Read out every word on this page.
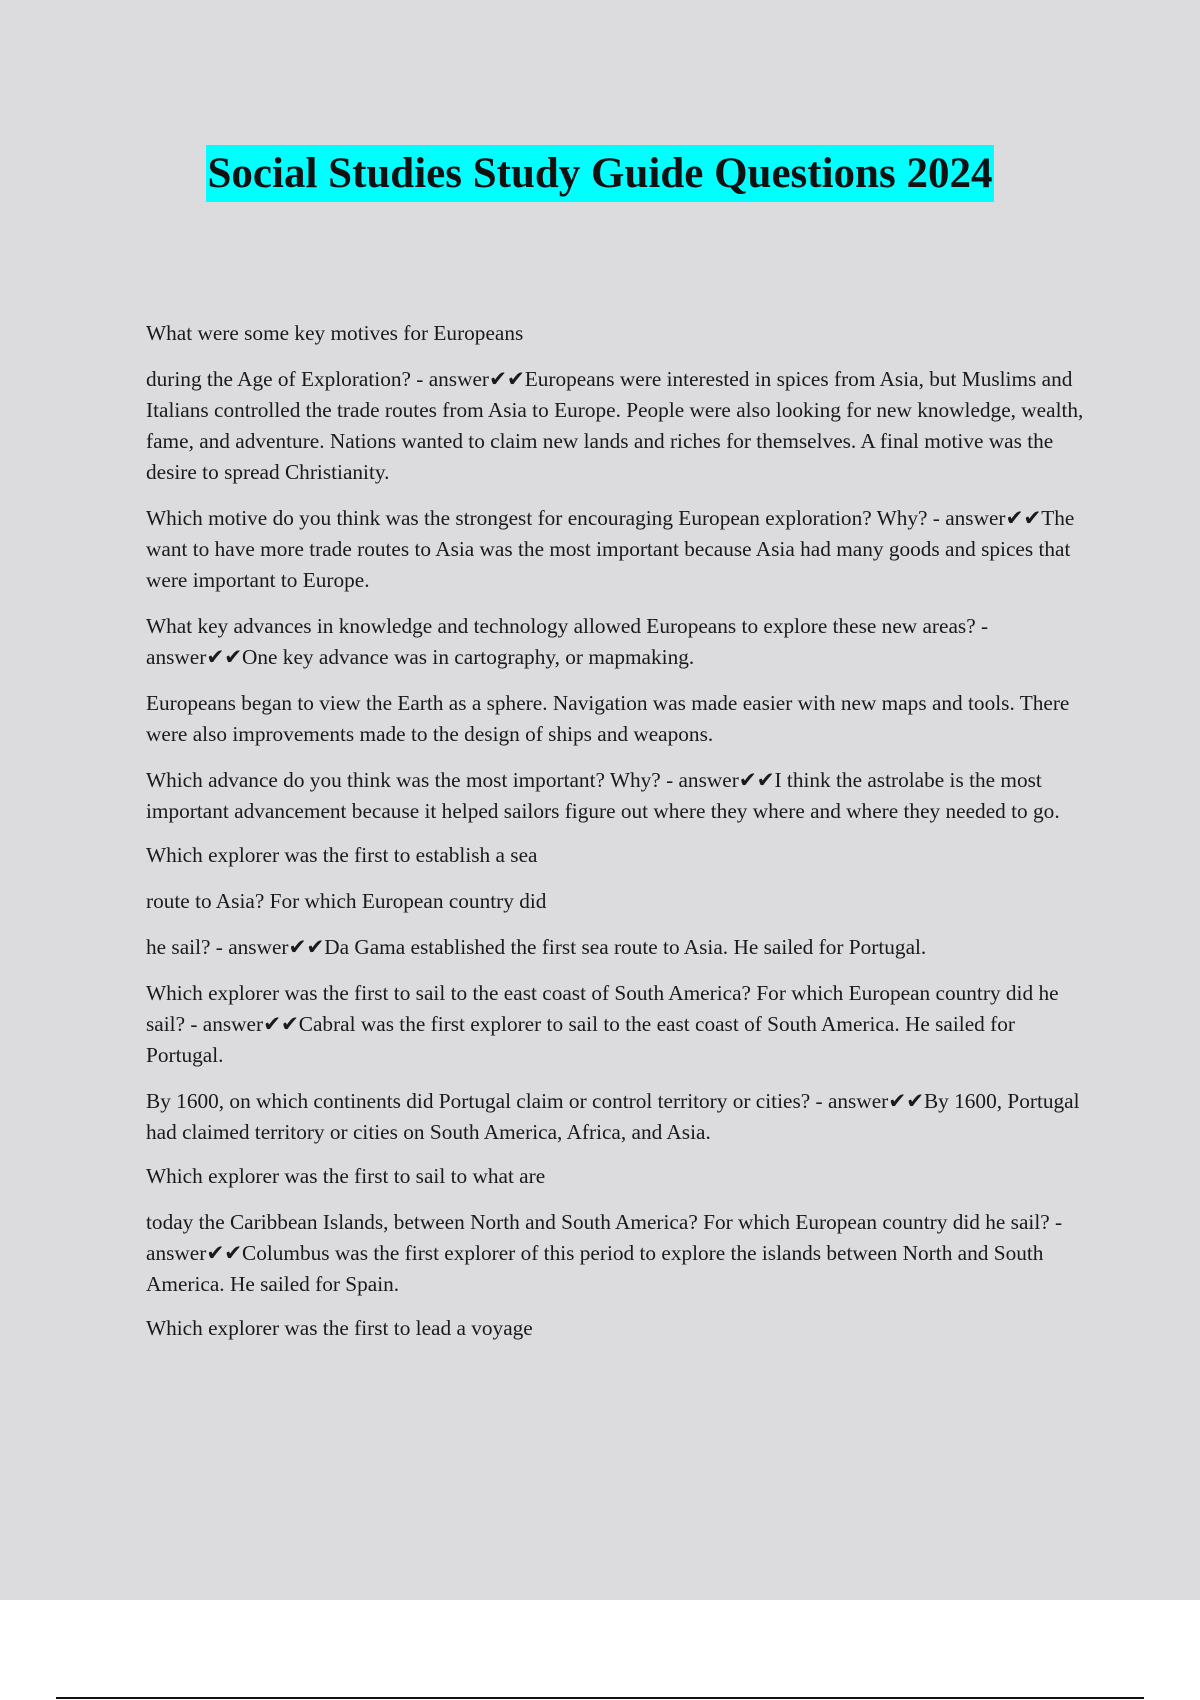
Social Studies Study Guide Questions 2024

What were some key motives for Europeans

during the Age of Exploration? - answer✔✔Europeans were interested in spices from Asia, but Muslims and Italians controlled the trade routes from Asia to Europe. People were also looking for new knowledge, wealth, fame, and adventure. Nations wanted to claim new lands and riches for themselves. A final motive was the desire to spread Christianity.

Which motive do you think was the strongest for encouraging European exploration? Why? - answer✔✔The want to have more trade routes to Asia was the most important because Asia had many goods and spices that were important to Europe.

What key advances in knowledge and technology allowed Europeans to explore these new areas? - answer✔✔One key advance was in cartography, or mapmaking.

Europeans began to view the Earth as a sphere. Navigation was made easier with new maps and tools. There were also improvements made to the design of ships and weapons.

Which advance do you think was the most important? Why? - answer✔✔I think the astrolabe is the most important advancement because it helped sailors figure out where they where and where they needed to go.

Which explorer was the first to establish a sea

route to Asia? For which European country did

he sail? - answer✔✔Da Gama established the first sea route to Asia. He sailed for Portugal.

Which explorer was the first to sail to the east coast of South America? For which European country did he sail? - answer✔✔Cabral was the first explorer to sail to the east coast of South America. He sailed for Portugal.

By 1600, on which continents did Portugal claim or control territory or cities? - answer✔✔By 1600, Portugal had claimed territory or cities on South America, Africa, and Asia.

Which explorer was the first to sail to what are

today the Caribbean Islands, between North and South America? For which European country did he sail? - answer✔✔Columbus was the first explorer of this period to explore the islands between North and South America. He sailed for Spain.

Which explorer was the first to lead a voyage
